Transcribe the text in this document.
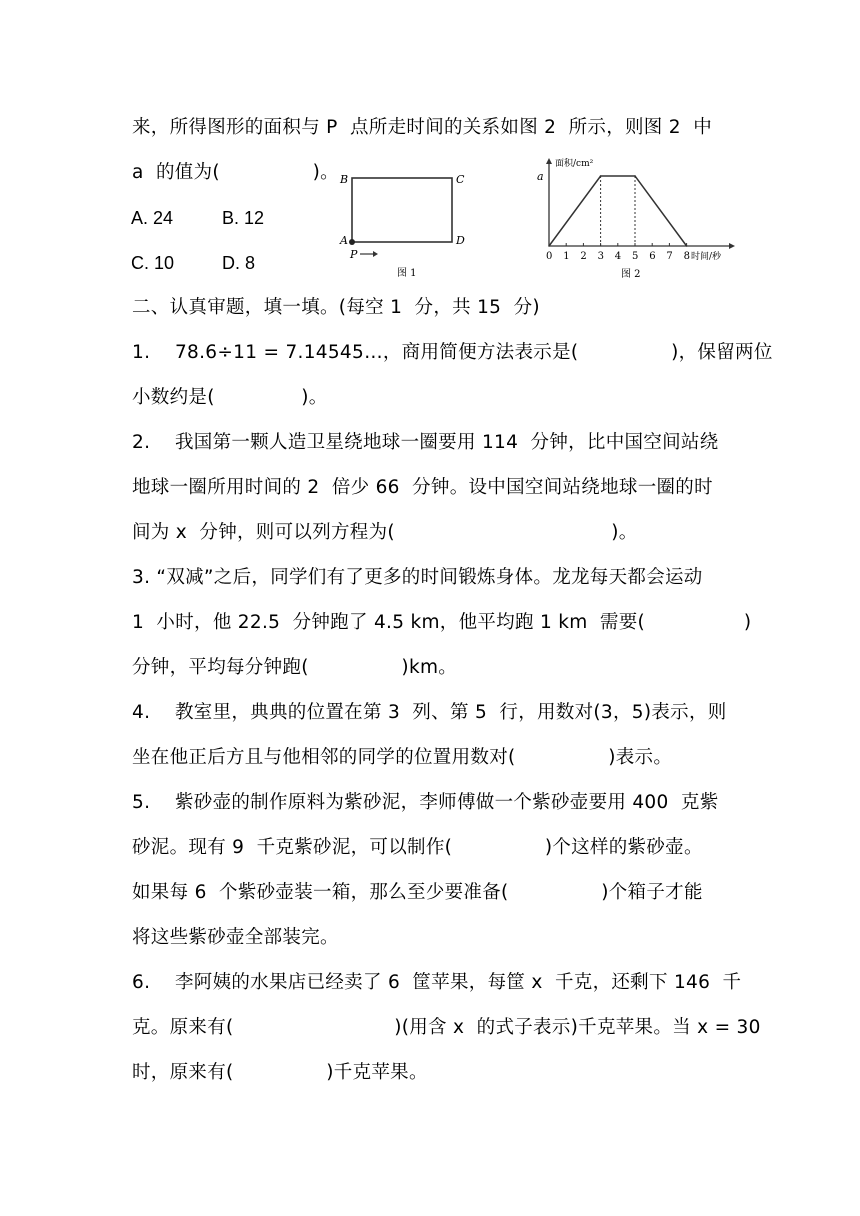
来，所得图形的面积与 P  点所走时间的关系如图 2  所示，则图 2  中
a  的值为(               )。
A. 24	B. 12
C. 10	D. 8
B	C
A	D
P
图 1
a
面积/cm²
0 1 2 3 4 5 6 7 8 时间/秒
图 2
二、认真审题，填一填。(每空 1  分，共 15  分)
1.    78.6÷11 = 7.14545…，商用简便方法表示是(               )，保留两位
小数约是(              )。
2.    我国第一颗人造卫星绕地球一圈要用 114  分钟，比中国空间站绕
地球一圈所用时间的 2  倍少 66  分钟。设中国空间站绕地球一圈的时
间为 x  分钟，则可以列方程为(                                   )。
3. “双减”之后，同学们有了更多的时间锻炼身体。龙龙每天都会运动
1  小时，他 22.5  分钟跑了 4.5 km，他平均跑 1 km  需要(                )
分钟，平均每分钟跑(               )km。
4.    教室里，典典的位置在第 3  列、第 5  行，用数对(3，5)表示，则
坐在他正后方且与他相邻的同学的位置用数对(               )表示。
5.    紫砂壶的制作原料为紫砂泥，李师傅做一个紫砂壶要用 400  克紫
砂泥。现有 9  千克紫砂泥，可以制作(               )个这样的紫砂壶。
如果每 6  个紫砂壶装一箱，那么至少要准备(               )个箱子才能
将这些紫砂壶全部装完。
6.    李阿姨的水果店已经卖了 6  筐苹果，每筐 x  千克，还剩下 146  千
克。原来有(                          )(用含 x  的式子表示)千克苹果。当 x = 30
时，原来有(               )千克苹果。
